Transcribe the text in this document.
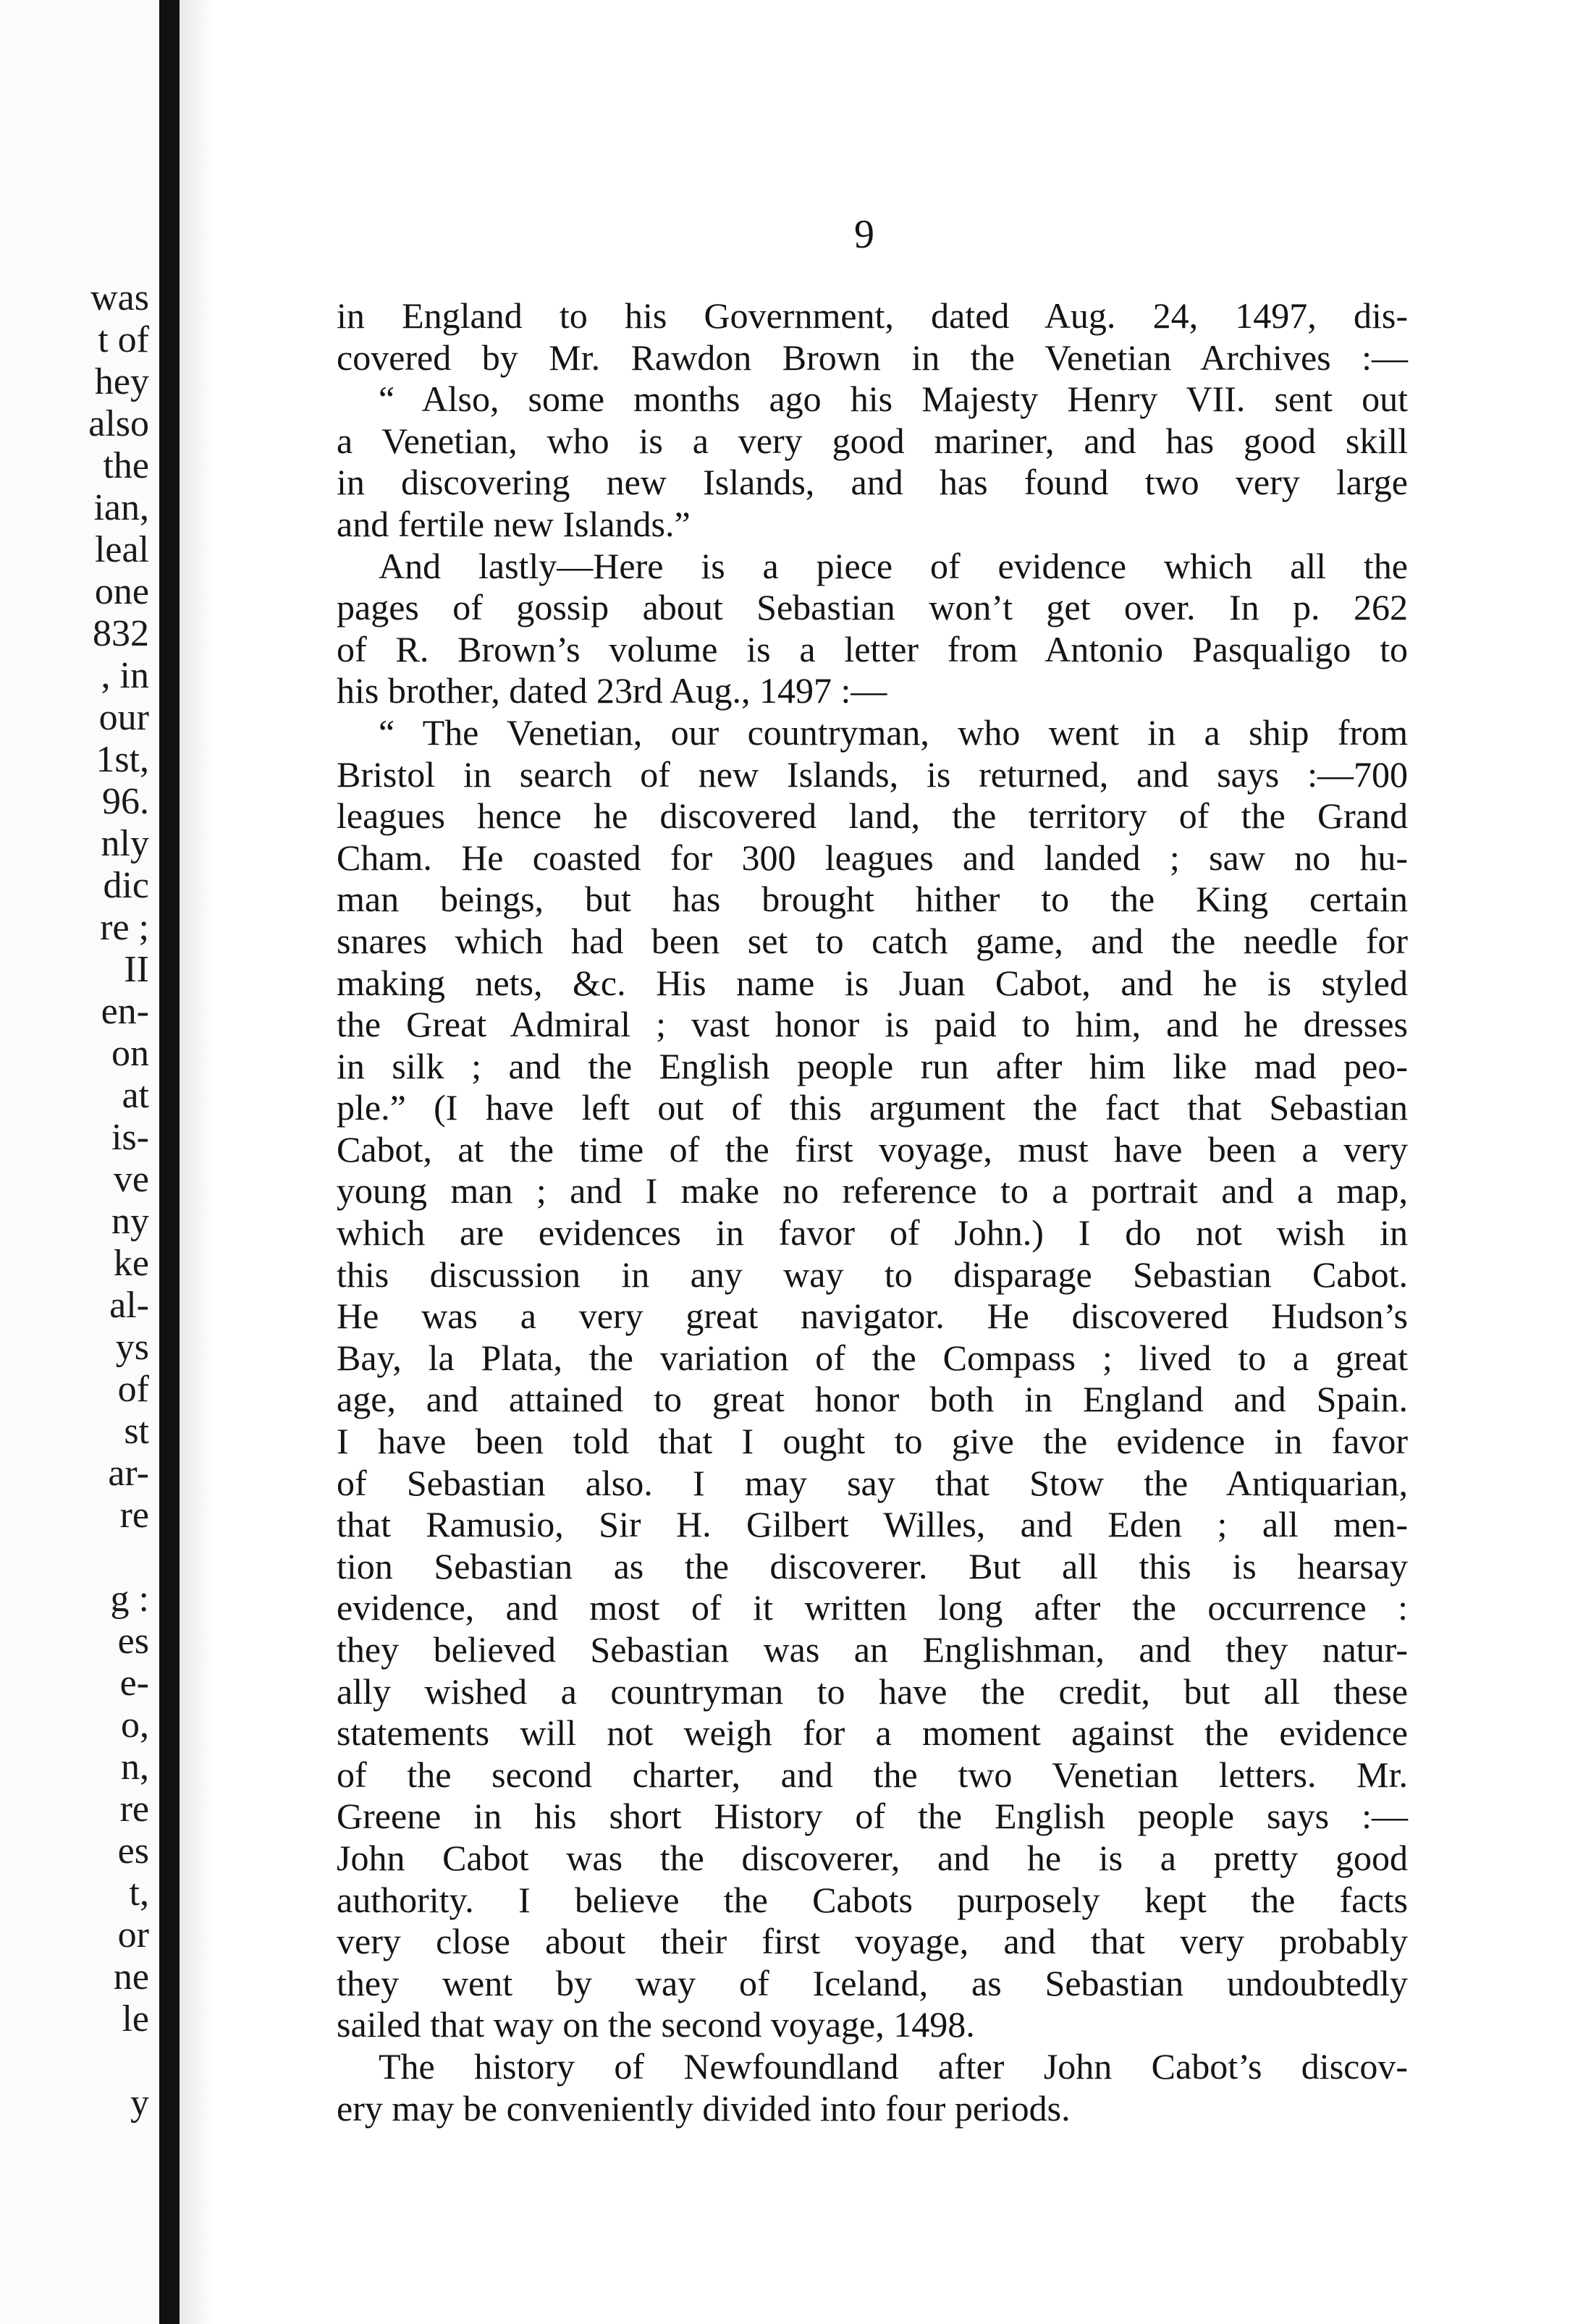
was
t of
hey
also
the
ian,
leal
one
832
, in
our
1st,
96.
nly
dic
re ;
II
en-
on
at
is-
ve
ny
ke
al-
ys
of
st
ar-
re
g :
es
e-
o,
n,
re
es
t,
or
ne
le
y
9
in England to his Government, dated Aug. 24, 1497, dis-
covered by Mr. Rawdon Brown in the Venetian Archives :—
“ Also, some months ago his Majesty Henry VII. sent out
a Venetian, who is a very good mariner, and has good skill
in discovering new Islands, and has found two very large
and fertile new Islands.”
And lastly—Here is a piece of evidence which all the
pages of gossip about Sebastian won’t get over. In p. 262
of R. Brown’s volume is a letter from Antonio Pasqualigo to
his brother, dated 23rd Aug., 1497 :—
“ The Venetian, our countryman, who went in a ship from
Bristol in search of new Islands, is returned, and says :—700
leagues hence he discovered land, the territory of the Grand
Cham. He coasted for 300 leagues and landed ; saw no hu-
man beings, but has brought hither to the King certain
snares which had been set to catch game, and the needle for
making nets, &c. His name is Juan Cabot, and he is styled
the Great Admiral ; vast honor is paid to him, and he dresses
in silk ; and the English people run after him like mad peo-
ple.” (I have left out of this argument the fact that Sebastian
Cabot, at the time of the first voyage, must have been a very
young man ; and I make no reference to a portrait and a map,
which are evidences in favor of John.) I do not wish in
this discussion in any way to disparage Sebastian Cabot.
He was a very great navigator. He discovered Hudson’s
Bay, la Plata, the variation of the Compass ; lived to a great
age, and attained to great honor both in England and Spain.
I have been told that I ought to give the evidence in favor
of Sebastian also. I may say that Stow the Antiquarian,
that Ramusio, Sir H. Gilbert Willes, and Eden ; all men-
tion Sebastian as the discoverer. But all this is hearsay
evidence, and most of it written long after the occurrence :
they believed Sebastian was an Englishman, and they natur-
ally wished a countryman to have the credit, but all these
statements will not weigh for a moment against the evidence
of the second charter, and the two Venetian letters. Mr.
Greene in his short History of the English people says :—
John Cabot was the discoverer, and he is a pretty good
authority. I believe the Cabots purposely kept the facts
very close about their first voyage, and that very probably
they went by way of Iceland, as Sebastian undoubtedly
sailed that way on the second voyage, 1498.
The history of Newfoundland after John Cabot’s discov-
ery may be conveniently divided into four periods.
